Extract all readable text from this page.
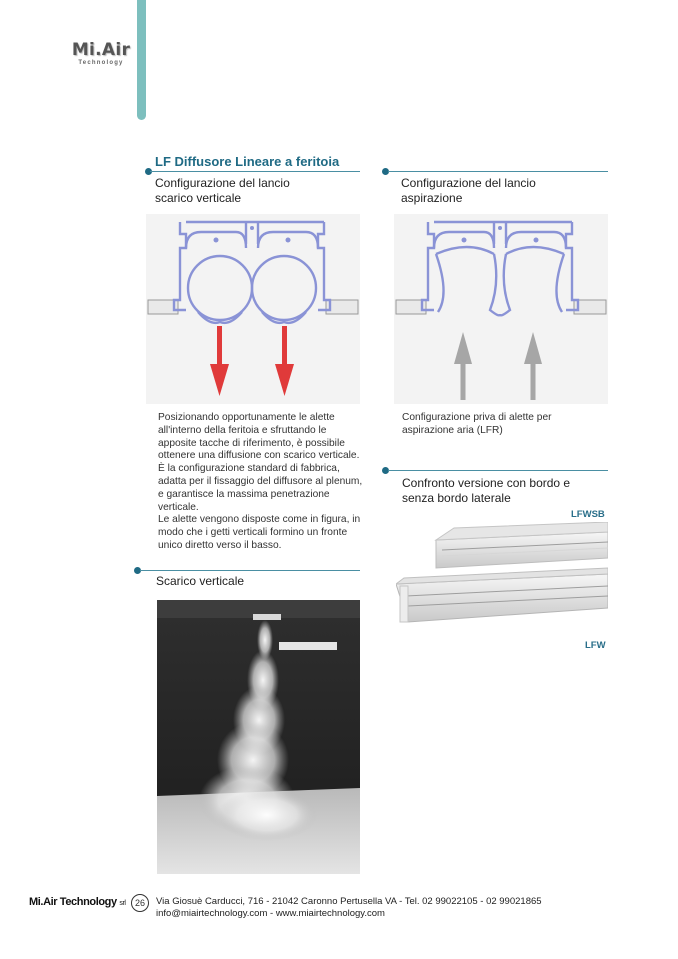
Mi.Air
Technology
LF Diffusore Lineare a feritoia
Configurazione del lancio
scarico verticale
Configurazione del lancio
aspirazione
Posizionando opportunamente le alette
all'interno della feritoia e sfruttando le
apposite tacche di riferimento, è possibile
ottenere una diffusione con scarico verticale.
È la configurazione standard di fabbrica,
adatta per il fissaggio del diffusore al plenum,
e garantisce la massima penetrazione
verticale.
Le alette vengono disposte come in figura, in
modo che i getti verticali formino un fronte
unico diretto verso il basso.
Configurazione priva di alette per
aspirazione aria (LFR)
Confronto versione con bordo e
senza bordo laterale
LFWSB
LFW
Scarico verticale
Mi.Air Technology srl	26	Via Giosuè Carducci, 716 - 21042 Caronno Pertusella VA - Tel. 02 99022105 - 02 99021865
info@miairtechnology.com - www.miairtechnology.com
